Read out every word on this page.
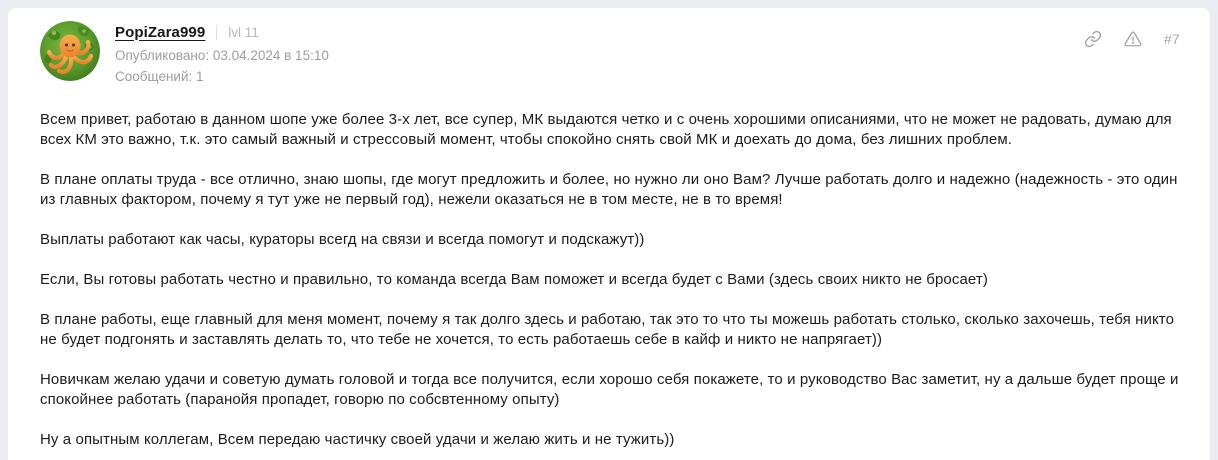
PopiZara999 lvl 11
Опубликовано: 03.04.2024 в 15:10
Сообщений: 1
#7

Всем привет, работаю в данном шопе уже более 3-х лет, все супер, МК выдаются четко и с очень хорошими описаниями, что не может не радовать, думаю для всех КМ это важно, т.к. это самый важный и стрессовый момент, чтобы спокойно снять свой МК и доехать до дома, без лишних проблем.

В плане оплаты труда - все отлично, знаю шопы, где могут предложить и более, но нужно ли оно Вам? Лучше работать долго и надежно (надежность - это один из главных фактором, почему я тут уже не первый год), нежели оказаться не в том месте, не в то время!

Выплаты работают как часы, кураторы всегд на связи и всегда помогут и подскажут))

Если, Вы готовы работать честно и правильно, то команда всегда Вам поможет и всегда будет с Вами (здесь своих никто не бросает)

В плане работы, еще главный для меня момент, почему я так долго здесь и работаю, так это то что ты можешь работать столько, сколько захочешь, тебя никто не будет подгонять и заставлять делать то, что тебе не хочется, то есть работаешь себе в кайф и никто не напрягает))

Новичкам желаю удачи и советую думать головой и тогда все получится, если хорошо себя покажете, то и руководство Вас заметит, ну а дальше будет проще и спокойнее работать (паранойя пропадет, говорю по собсвтенному опыту)

Ну а опытным коллегам, Всем передаю частичку своей удачи и желаю жить и не тужить))
